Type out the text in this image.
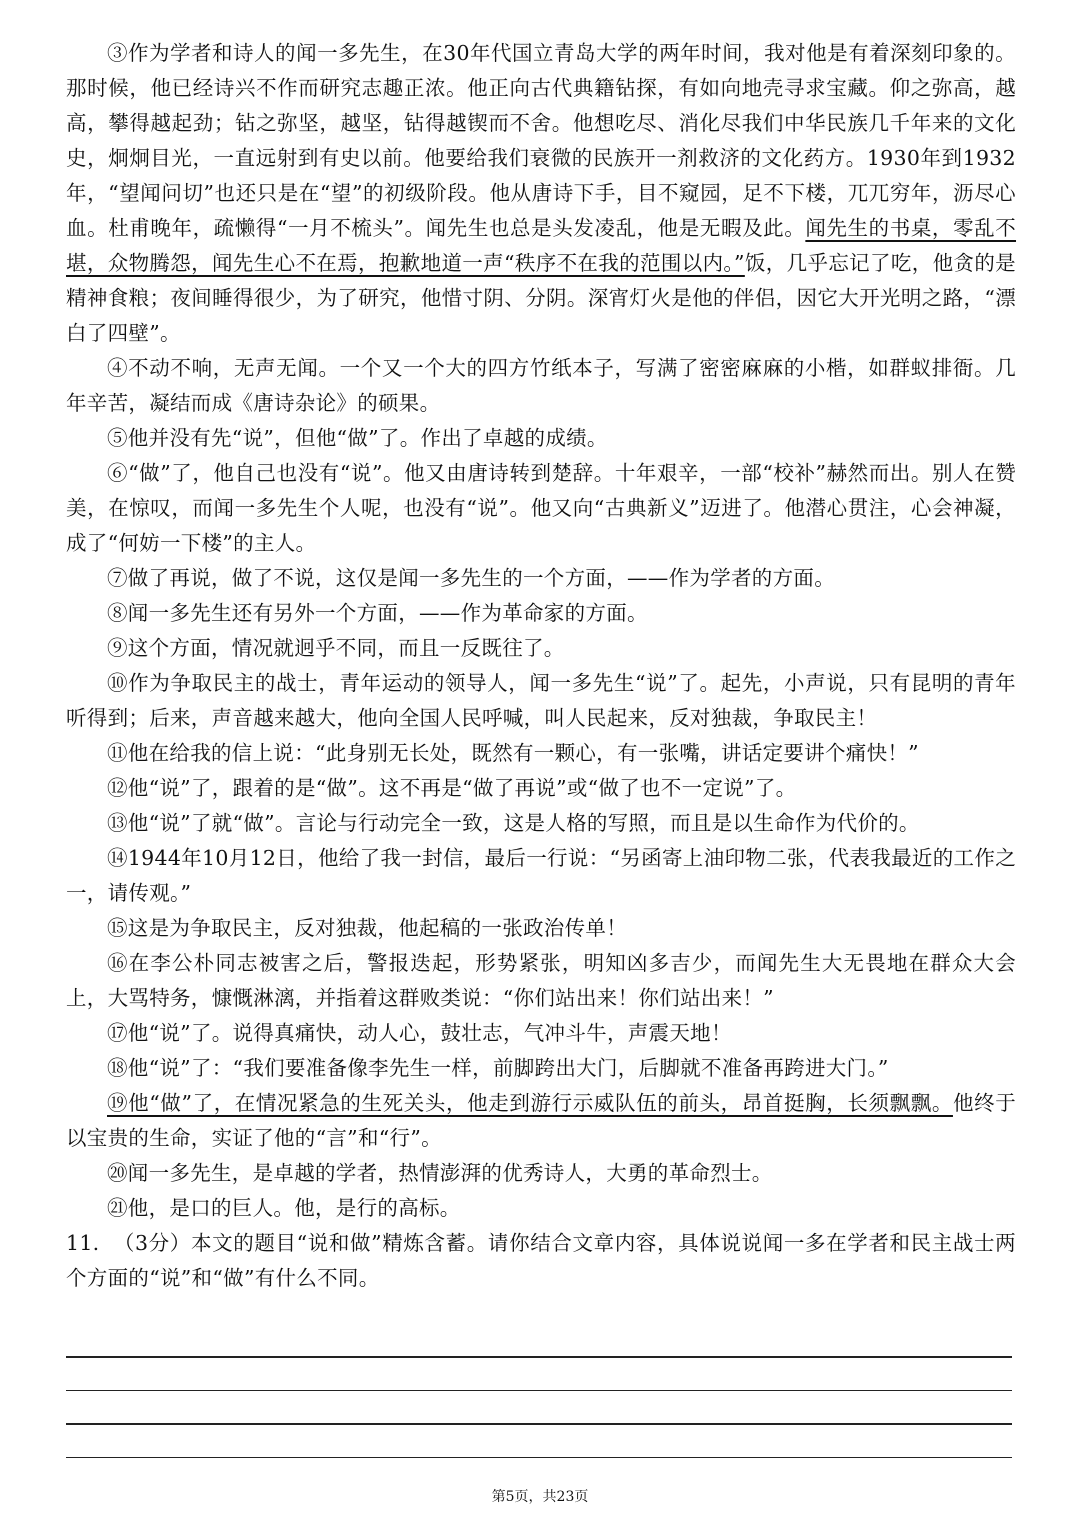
③作为学者和诗人的闻一多先生，在30年代国立青岛大学的两年时间，我对他是有着深刻印象的。那时候，他已经诗兴不作而研究志趣正浓。他正向古代典籍钻探，有如向地壳寻求宝藏。仰之弥高，越高，攀得越起劲；钻之弥坚，越坚，钻得越锲而不舍。他想吃尽、消化尽我们中华民族几千年来的文化史，炯炯目光，一直远射到有史以前。他要给我们衰微的民族开一剂救济的文化药方。1930年到1932年，“望闻问切”也还只是在“望”的初级阶段。他从唐诗下手，目不窥园，足不下楼，兀兀穷年，沥尽心血。杜甫晚年，疏懒得“一月不梳头”。闻先生也总是头发凌乱，他是无暇及此。闻先生的书桌，零乱不堪，众物腾怨，闻先生心不在焉，抱歉地道一声“秩序不在我的范围以内。”饭，几乎忘记了吃，他贪的是精神食粮；夜间睡得很少，为了研究，他惜寸阴、分阴。深宵灯火是他的伴侣，因它大开光明之路，“漂白了四壁”。

④不动不响，无声无闻。一个又一个大的四方竹纸本子，写满了密密麻麻的小楷，如群蚁排衙。几年辛苦，凝结而成《唐诗杂论》的硕果。

⑤他并没有先“说”，但他“做”了。作出了卓越的成绩。

⑥“做”了，他自己也没有“说”。他又由唐诗转到楚辞。十年艰辛，一部“校补”赫然而出。别人在赞美，在惊叹，而闻一多先生个人呢，也没有“说”。他又向“古典新义”迈进了。他潜心贯注，心会神凝，成了“何妨一下楼”的主人。

⑦做了再说，做了不说，这仅是闻一多先生的一个方面，——作为学者的方面。

⑧闻一多先生还有另外一个方面，——作为革命家的方面。

⑨这个方面，情况就迥乎不同，而且一反既往了。

⑩作为争取民主的战士，青年运动的领导人，闻一多先生“说”了。起先，小声说，只有昆明的青年听得到；后来，声音越来越大，他向全国人民呼喊，叫人民起来，反对独裁，争取民主！

⑪他在给我的信上说：“此身别无长处，既然有一颗心，有一张嘴，讲话定要讲个痛快！”

⑫他“说”了，跟着的是“做”。这不再是“做了再说”或“做了也不一定说”了。

⑬他“说”了就“做”。言论与行动完全一致，这是人格的写照，而且是以生命作为代价的。

⑭1944年10月12日，他给了我一封信，最后一行说：“另函寄上油印物二张，代表我最近的工作之一，请传观。”

⑮这是为争取民主，反对独裁，他起稿的一张政治传单！

⑯在李公朴同志被害之后，警报迭起，形势紧张，明知凶多吉少，而闻先生大无畏地在群众大会上，大骂特务，慷慨淋漓，并指着这群败类说：“你们站出来！你们站出来！”

⑰他“说”了。说得真痛快，动人心，鼓壮志，气冲斗牛，声震天地！

⑱他“说”了：“我们要准备像李先生一样，前脚跨出大门，后脚就不准备再跨进大门。”

⑲他“做”了，在情况紧急的生死关头，他走到游行示威队伍的前头，昂首挺胸，长须飘飘。他终于以宝贵的生命，实证了他的“言”和“行”。

⑳闻一多先生，是卓越的学者，热情澎湃的优秀诗人，大勇的革命烈士。

㉑他，是口的巨人。他，是行的高标。

11. （3分）本文的题目“说和做”精炼含蓄。请你结合文章内容，具体说说闻一多在学者和民主战士两个方面的“说”和“做”有什么不同。

第5页，共23页
